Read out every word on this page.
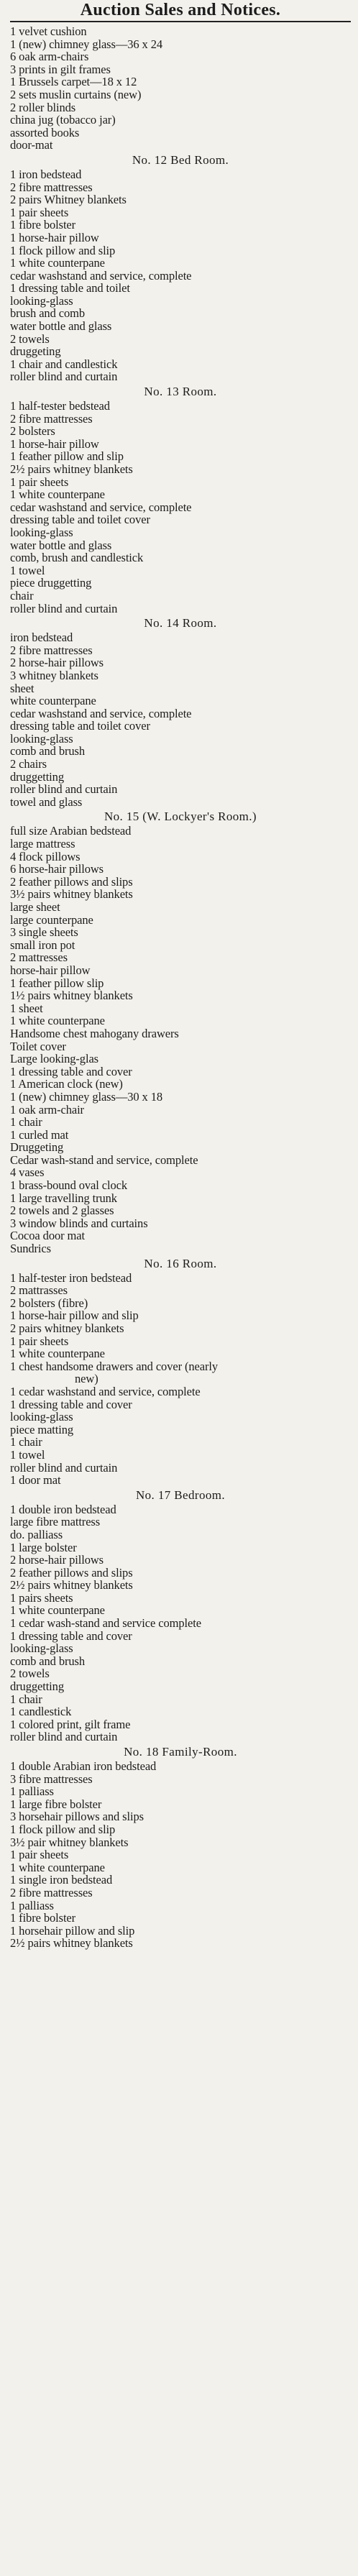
Auction Sales and Notices.
1 velvet cushion
1 (new) chimney glass—36 x 24
6 oak arm-chairs
3 prints in gilt frames
1 Brussels carpet—18 x 12
2 sets muslin curtains (new)
2 roller blinds
china jug (tobacco jar)
assorted books
door-mat
No. 12 Bed Room.
1 iron bedstead
2 fibre mattresses
2 pairs Whitney blankets
1 pair sheets
1 fibre bolster
1 horse-hair pillow
1 flock pillow and slip
1 white counterpane
cedar washstand and service, complete
1 dressing table and toilet
looking-glass
brush and comb
water bottle and glass
2 towels
druggeting
1 chair and candlestick
roller blind and curtain
No. 13 Room.
1 half-tester bedstead
2 fibre mattresses
2 bolsters
1 horse-hair pillow
1 feather pillow and slip
2½ pairs whitney blankets
1 pair sheets
1 white counterpane
cedar washstand and service, complete
dressing table and toilet cover
looking-glass
water bottle and glass
comb, brush and candlestick
1 towel
piece druggetting
chair
roller blind and curtain
No. 14 Room.
iron bedstead
2 fibre mattresses
2 horse-hair pillows
3 whitney blankets
sheet
white counterpane
cedar washstand and service, complete
dressing table and toilet cover
looking-glass
comb and brush
2 chairs
druggetting
roller blind and curtain
towel and glass
No. 15 (W. Lockyer's Room.)
full size Arabian bedstead
large mattress
4 flock pillows
6 horse-hair pillows
2 feather pillows and slips
3½ pairs whitney blankets
large sheet
large counterpane
3 single sheets
small iron pot
2 mattresses
horse-hair pillow
1 feather pillow slip
1½ pairs whitney blankets
1 sheet
1 white counterpane
Handsome chest mahogany drawers
Toilet cover
Large looking-glas
1 dressing table and cover
1 American clock (new)
1 (new) chimney glass—30 x 18
1 oak arm-chair
1 chair
1 curled mat
Druggeting
Cedar wash-stand and service, complete
4 vases
1 brass-bound oval clock
1 large travelling trunk
2 towels and 2 glasses
3 window blinds and curtains
Cocoa door mat
Sundrics
No. 16 Room.
1 half-tester iron bedstead
2 mattrasses
2 bolsters (fibre)
1 horse-hair pillow and slip
2 pairs whitney blankets
1 pair sheets
1 white counterpane
1 chest handsome drawers and cover (nearly
new)
1 cedar washstand and service, complete
1 dressing table and cover
looking-glass
piece matting
1 chair
1 towel
roller blind and curtain
1 door mat
No. 17 Bedroom.
1 double iron bedstead
large fibre mattress
do. palliass
1 large bolster
2 horse-hair pillows
2 feather pillows and slips
2½ pairs whitney blankets
1 pairs sheets
1 white counterpane
1 cedar wash-stand and service complete
1 dressing table and cover
looking-glass
comb and brush
2 towels
druggetting
1 chair
1 candlestick
1 colored print, gilt frame
roller blind and curtain
No. 18 Family-Room.
1 double Arabian iron bedstead
3 fibre mattresses
1 palliass
1 large fibre bolster
3 horsehair pillows and slips
1 flock pillow and slip
3½ pair whitney blankets
1 pair sheets
1 white counterpane
1 single iron bedstead
2 fibre mattresses
1 palliass
1 fibre bolster
1 horsehair pillow and slip
2½ pairs whitney blankets
